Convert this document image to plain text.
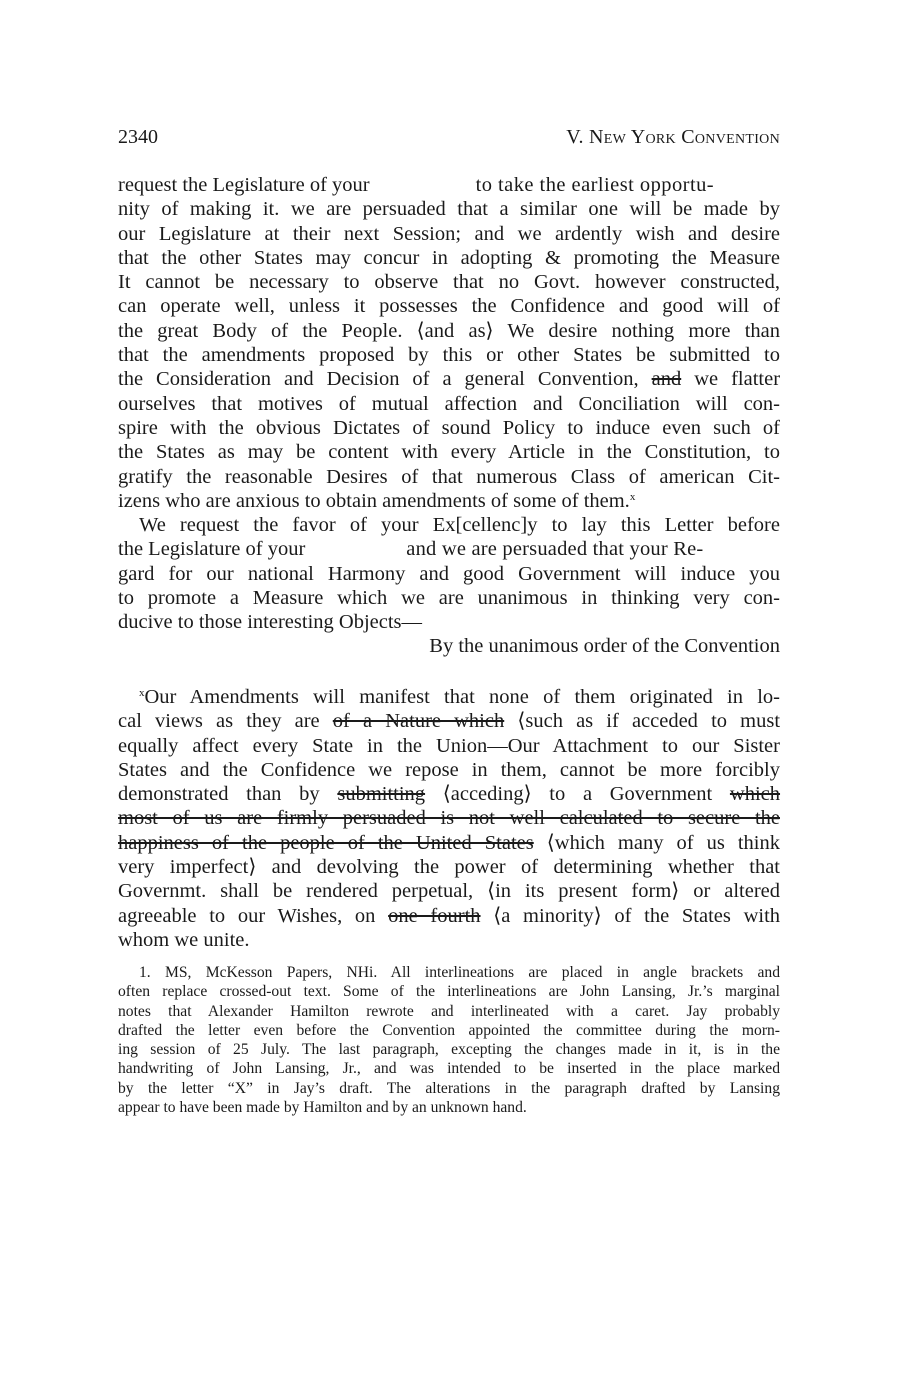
2340	V. New York Convention
request the Legislature of your	to take the earliest opportu-
nity of making it. we are persuaded that a similar one will be made by
our Legislature at their next Session; and we ardently wish and desire
that the other States may concur in adopting & promoting the Measure
It cannot be necessary to observe that no Govt. however constructed,
can operate well, unless it possesses the Confidence and good will of
the great Body of the People. ⟨and as⟩ We desire nothing more than
that the amendments proposed by this or other States be submitted to
the Consideration and Decision of a general Convention, and we flatter
ourselves that motives of mutual affection and Conciliation will con-
spire with the obvious Dictates of sound Policy to induce even such of
the States as may be content with every Article in the Constitution, to
gratify the reasonable Desires of that numerous Class of american Cit-
izens who are anxious to obtain amendments of some of them.$^x$
We request the favor of your Ex[cellenc]y to lay this Letter before
the Legislature of your	and we are persuaded that your Re-
gard for our national Harmony and good Government will induce you
to promote a Measure which we are unanimous in thinking very con-
ducive to those interesting Objects—
By the unanimous order of the Convention
$^x$Our Amendments will manifest that none of them originated in lo-
cal views as they are of a Nature which ⟨such as if acceded to must
equally affect every State in the Union—Our Attachment to our Sister
States and the Confidence we repose in them, cannot be more forcibly
demonstrated than by submitting ⟨acceding⟩ to a Government which
most of us are firmly persuaded is not well calculated to secure the
happiness of the people of the United States ⟨which many of us think
very imperfect⟩ and devolving the power of determining whether that
Governmt. shall be rendered perpetual, ⟨in its present form⟩ or altered
agreeable to our Wishes, on one fourth ⟨a minority⟩ of the States with
whom we unite.
1. MS, McKesson Papers, NHi. All interlineations are placed in angle brackets and
often replace crossed-out text. Some of the interlineations are John Lansing, Jr.’s marginal
notes that Alexander Hamilton rewrote and interlineated with a caret. Jay probably
drafted the letter even before the Convention appointed the committee during the morn-
ing session of 25 July. The last paragraph, excepting the changes made in it, is in the
handwriting of John Lansing, Jr., and was intended to be inserted in the place marked
by the letter “X” in Jay’s draft. The alterations in the paragraph drafted by Lansing
appear to have been made by Hamilton and by an unknown hand.
